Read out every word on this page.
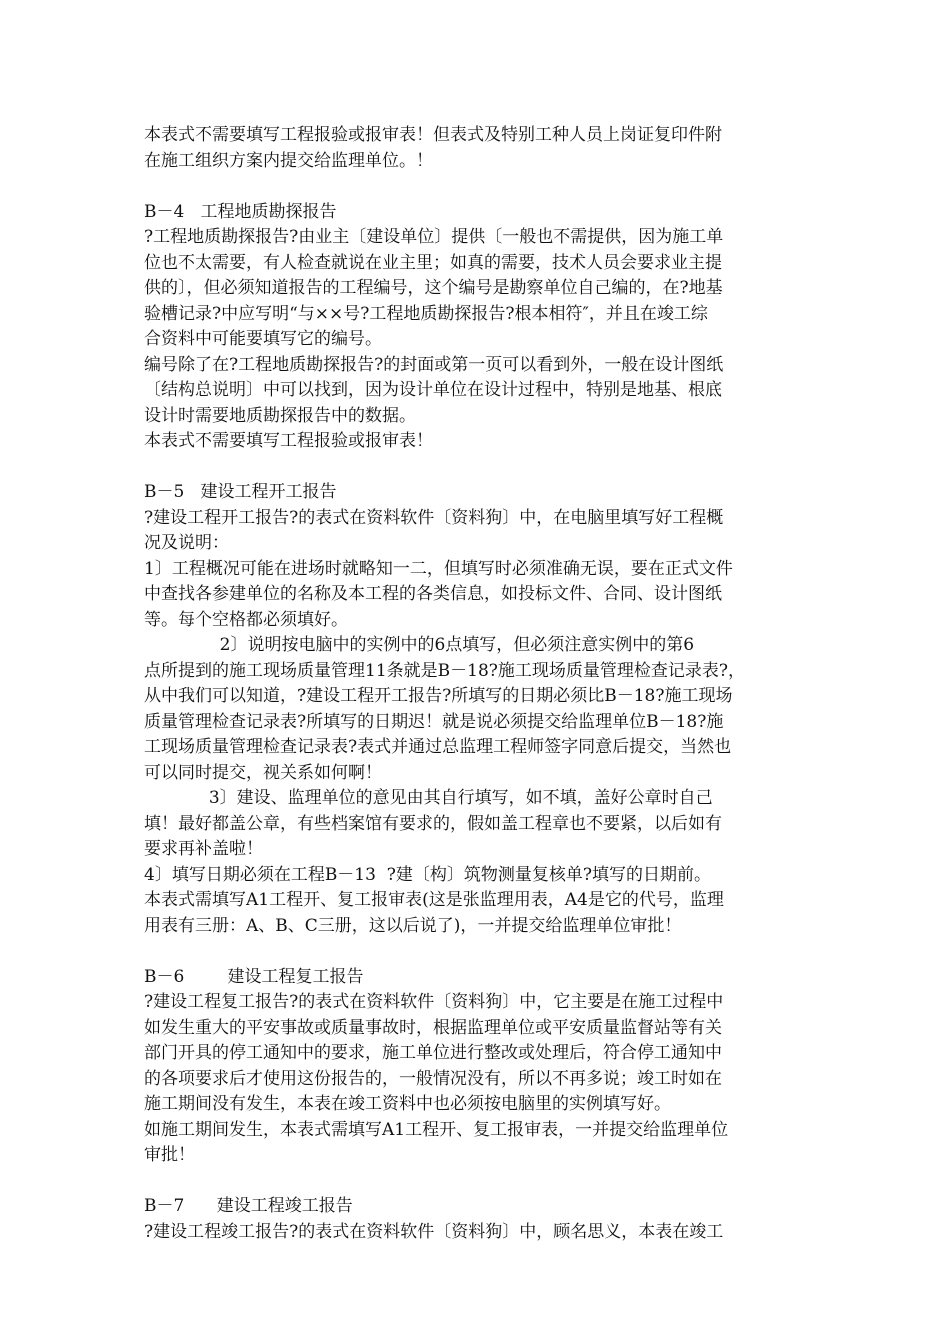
本表式不需要填写工程报验或报审表！但表式及特别工种人员上岗证复印件附
在施工组织方案内提交给监理单位。！
B－4   工程地质勘探报告
?工程地质勘探报告?由业主〔建设单位〕提供〔一般也不需提供，因为施工单
位也不太需要，有人检查就说在业主里；如真的需要，技术人员会要求业主提
供的〕，但必须知道报告的工程编号，这个编号是勘察单位自己编的，在?地基
验槽记录?中应写明“与××号?工程地质勘探报告?根本相符″，并且在竣工综
合资料中可能要填写它的编号。
编号除了在?工程地质勘探报告?的封面或第一页可以看到外，一般在设计图纸
〔结构总说明〕中可以找到，因为设计单位在设计过程中，特别是地基、根底
设计时需要地质勘探报告中的数据。
本表式不需要填写工程报验或报审表！
B－5   建设工程开工报告
?建设工程开工报告?的表式在资料软件〔资料狗〕中，在电脑里填写好工程概
况及说明：
1〕工程概况可能在进场时就略知一二，但填写时必须准确无误，要在正式文件
中查找各参建单位的名称及本工程的各类信息，如投标文件、合同、设计图纸
等。每个空格都必须填好。
2〕说明按电脑中的实例中的6点填写，但必须注意实例中的第6
点所提到的施工现场质量管理11条就是B－18?施工现场质量管理检查记录表?，
从中我们可以知道，?建设工程开工报告?所填写的日期必须比B－18?施工现场
质量管理检查记录表?所填写的日期迟！就是说必须提交给监理单位B－18?施
工现场质量管理检查记录表?表式并通过总监理工程师签字同意后提交，当然也
可以同时提交，视关系如何啊！
3〕建设、监理单位的意见由其自行填写，如不填，盖好公章时自己
填！最好都盖公章，有些档案馆有要求的，假如盖工程章也不要紧，以后如有
要求再补盖啦！
4〕填写日期必须在工程B－13  ?建〔构〕筑物测量复核单?填写的日期前。
本表式需填写A1工程开、复工报审表(这是张监理用表，A4是它的代号，监理
用表有三册：A、B、C三册，这以后说了)，一并提交给监理单位审批！
B－6        建设工程复工报告
?建设工程复工报告?的表式在资料软件〔资料狗〕中，它主要是在施工过程中
如发生重大的平安事故或质量事故时，根据监理单位或平安质量监督站等有关
部门开具的停工通知中的要求，施工单位进行整改或处理后，符合停工通知中
的各项要求后才使用这份报告的，一般情况没有，所以不再多说；竣工时如在
施工期间没有发生，本表在竣工资料中也必须按电脑里的实例填写好。
如施工期间发生，本表式需填写A1工程开、复工报审表，一并提交给监理单位
审批！
B－7      建设工程竣工报告
?建设工程竣工报告?的表式在资料软件〔资料狗〕中，顾名思义，本表在竣工
